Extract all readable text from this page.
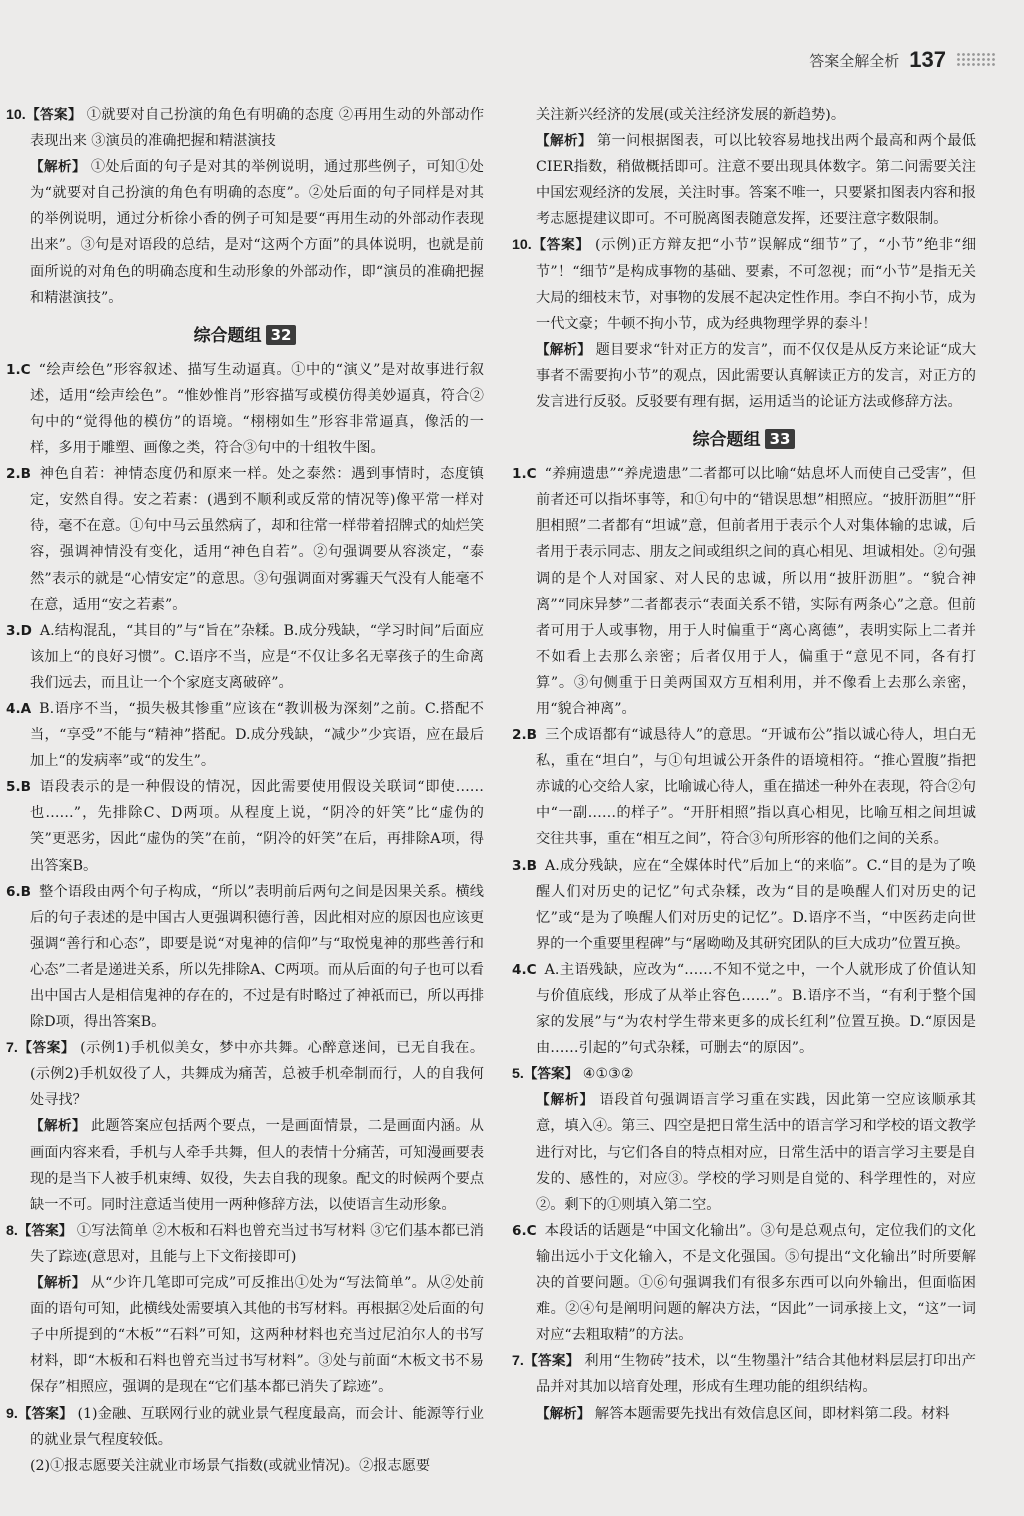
答案全解全析 137

10.【答案】 ①就要对自己扮演的角色有明确的态度 ②再用生动的外部动作表现出来 ③演员的准确把握和精湛演技

【解析】 ①处后面的句子是对其的举例说明，通过那些例子，可知①处为“就要对自己扮演的角色有明确的态度”。②处后面的句子同样是对其的举例说明，通过分析徐小香的例子可知是要“再用生动的外部动作表现出来”。③句是对语段的总结，是对“这两个方面”的具体说明，也就是前面所说的对角色的明确态度和生动形象的外部动作，即“演员的准确把握和精湛演技”。

综合题组 32

1.C “绘声绘色”形容叙述、描写生动逼真。①中的“演义”是对故事进行叙述，适用“绘声绘色”。“惟妙惟肖”形容描写或模仿得美妙逼真，符合②句中的“觉得他的模仿”的语境。“栩栩如生”形容非常逼真，像活的一样，多用于雕塑、画像之类，符合③句中的十组牧牛图。

2.B 神色自若：神情态度仍和原来一样。处之泰然：遇到事情时，态度镇定，安然自得。安之若素：(遇到不顺利或反常的情况等)像平常一样对待，毫不在意。①句中马云虽然病了，却和往常一样带着招牌式的灿烂笑容，强调神情没有变化，适用“神色自若”。②句强调要从容淡定，“泰然”表示的就是“心情安定”的意思。③句强调面对雾霾天气没有人能毫不在意，适用“安之若素”。

3.D A.结构混乱，“其目的”与“旨在”杂糅。B.成分残缺，“学习时间”后面应该加上“的良好习惯”。C.语序不当，应是“不仅让多名无辜孩子的生命离我们远去，而且让一个个家庭支离破碎”。

4.A B.语序不当，“损失极其惨重”应该在“教训极为深刻”之前。C.搭配不当，“享受”不能与“精神”搭配。D.成分残缺，“减少”少宾语，应在最后加上“的发病率”或“的发生”。

5.B 语段表示的是一种假设的情况，因此需要使用假设关联词“即使……也……”，先排除C、D两项。从程度上说，“阴冷的奸笑”比“虚伪的笑”更恶劣，因此“虚伪的笑”在前，“阴冷的奸笑”在后，再排除A项，得出答案B。

6.B 整个语段由两个句子构成，“所以”表明前后两句之间是因果关系。横线后的句子表述的是中国古人更强调积德行善，因此相对应的原因也应该更强调“善行和心态”，即要是说“对鬼神的信仰”与“取悦鬼神的那些善行和心态”二者是递进关系，所以先排除A、C两项。而从后面的句子也可以看出中国古人是相信鬼神的存在的，不过是有时略过了神祇而已，所以再排除D项，得出答案B。

7.【答案】 (示例1)手机似美女，梦中亦共舞。心醉意迷间，已无自我在。(示例2)手机奴役了人，共舞成为痛苦，总被手机牵制而行，人的自我何处寻找？

【解析】 此题答案应包括两个要点，一是画面情景，二是画面内涵。从画面内容来看，手机与人牵手共舞，但人的表情十分痛苦，可知漫画要表现的是当下人被手机束缚、奴役，失去自我的现象。配文的时候两个要点缺一不可。同时注意适当使用一两种修辞方法，以使语言生动形象。

8.【答案】 ①写法简单 ②木板和石料也曾充当过书写材料 ③它们基本都已消失了踪迹(意思对，且能与上下文衔接即可)

【解析】 从“少许几笔即可完成”可反推出①处为“写法简单”。从②处前面的语句可知，此横线处需要填入其他的书写材料。再根据②处后面的句子中所提到的“木板”“石料”可知，这两种材料也充当过尼泊尔人的书写材料，即“木板和石料也曾充当过书写材料”。③处与前面“木板文书不易保存”相照应，强调的是现在“它们基本都已消失了踪迹”。

9.【答案】 (1)金融、互联网行业的就业景气程度最高，而会计、能源等行业的就业景气程度较低。

(2)①报志愿要关注就业市场景气指数(或就业情况)。②报志愿要

关注新兴经济的发展(或关注经济发展的新趋势)。

【解析】 第一问根据图表，可以比较容易地找出两个最高和两个最低CIER指数，稍做概括即可。注意不要出现具体数字。第二问需要关注中国宏观经济的发展，关注时事。答案不唯一，只要紧扣图表内容和报考志愿提建议即可。不可脱离图表随意发挥，还要注意字数限制。

10.【答案】 (示例)正方辩友把“小节”误解成“细节”了，“小节”绝非“细节”！“细节”是构成事物的基础、要素，不可忽视；而“小节”是指无关大局的细枝末节，对事物的发展不起决定性作用。李白不拘小节，成为一代文豪；牛顿不拘小节，成为经典物理学界的泰斗！

【解析】 题目要求“针对正方的发言”，而不仅仅是从反方来论证“成大事者不需要拘小节”的观点，因此需要认真解读正方的发言，对正方的发言进行反驳。反驳要有理有据，运用适当的论证方法或修辞方法。

综合题组 33

1.C “养痈遗患”“养虎遗患”二者都可以比喻“姑息坏人而使自己受害”，但前者还可以指坏事等，和①句中的“错误思想”相照应。“披肝沥胆”“肝胆相照”二者都有“坦诚”意，但前者用于表示个人对集体输的忠诚，后者用于表示同志、朋友之间或组织之间的真心相见、坦诚相处。②句强调的是个人对国家、对人民的忠诚，所以用“披肝沥胆”。“貌合神离”“同床异梦”二者都表示“表面关系不错，实际有两条心”之意。但前者可用于人或事物，用于人时偏重于“离心离德”，表明实际上二者并不如看上去那么亲密；后者仅用于人，偏重于“意见不同，各有打算”。③句侧重于日美两国双方互相利用，并不像看上去那么亲密，用“貌合神离”。

2.B 三个成语都有“诚恳待人”的意思。“开诚布公”指以诚心待人，坦白无私，重在“坦白”，与①句坦诚公开条件的语境相符。“推心置腹”指把赤诚的心交给人家，比喻诚心待人，重在描述一种外在表现，符合②句中“一副……的样子”。“开肝相照”指以真心相见，比喻互相之间坦诚交往共事，重在“相互之间”，符合③句所形容的他们之间的关系。

3.B A.成分残缺，应在“全媒体时代”后加上“的来临”。C.“目的是为了唤醒人们对历史的记忆”句式杂糅，改为“目的是唤醒人们对历史的记忆”或“是为了唤醒人们对历史的记忆”。D.语序不当，“中医药走向世界的一个重要里程碑”与“屠呦呦及其研究团队的巨大成功”位置互换。

4.C A.主语残缺，应改为“……不知不觉之中，一个人就形成了价值认知与价值底线，形成了从举止容色……”。B.语序不当，“有利于整个国家的发展”与“为农村学生带来更多的成长红利”位置互换。D.“原因是由……引起的”句式杂糅，可删去“的原因”。

5.【答案】 ④①③②

【解析】 语段首句强调语言学习重在实践，因此第一空应该顺承其意，填入④。第三、四空是把日常生活中的语言学习和学校的语文教学进行对比，与它们各自的特点相对应，日常生活中的语言学习主要是自发的、感性的，对应③。学校的学习则是自觉的、科学理性的，对应②。剩下的①则填入第二空。

6.C 本段话的话题是“中国文化输出”。③句是总观点句，定位我们的文化输出远小于文化输入，不是文化强国。⑤句提出“文化输出”时所要解决的首要问题。①⑥句强调我们有很多东西可以向外输出，但面临困难。②④句是阐明问题的解决方法，“因此”一词承接上文，“这”一词对应“去粗取精”的方法。

7.【答案】 利用“生物砖”技术，以“生物墨汁”结合其他材料层层打印出产品并对其加以培育处理，形成有生理功能的组织结构。

【解析】 解答本题需要先找出有效信息区间，即材料第二段。材料
